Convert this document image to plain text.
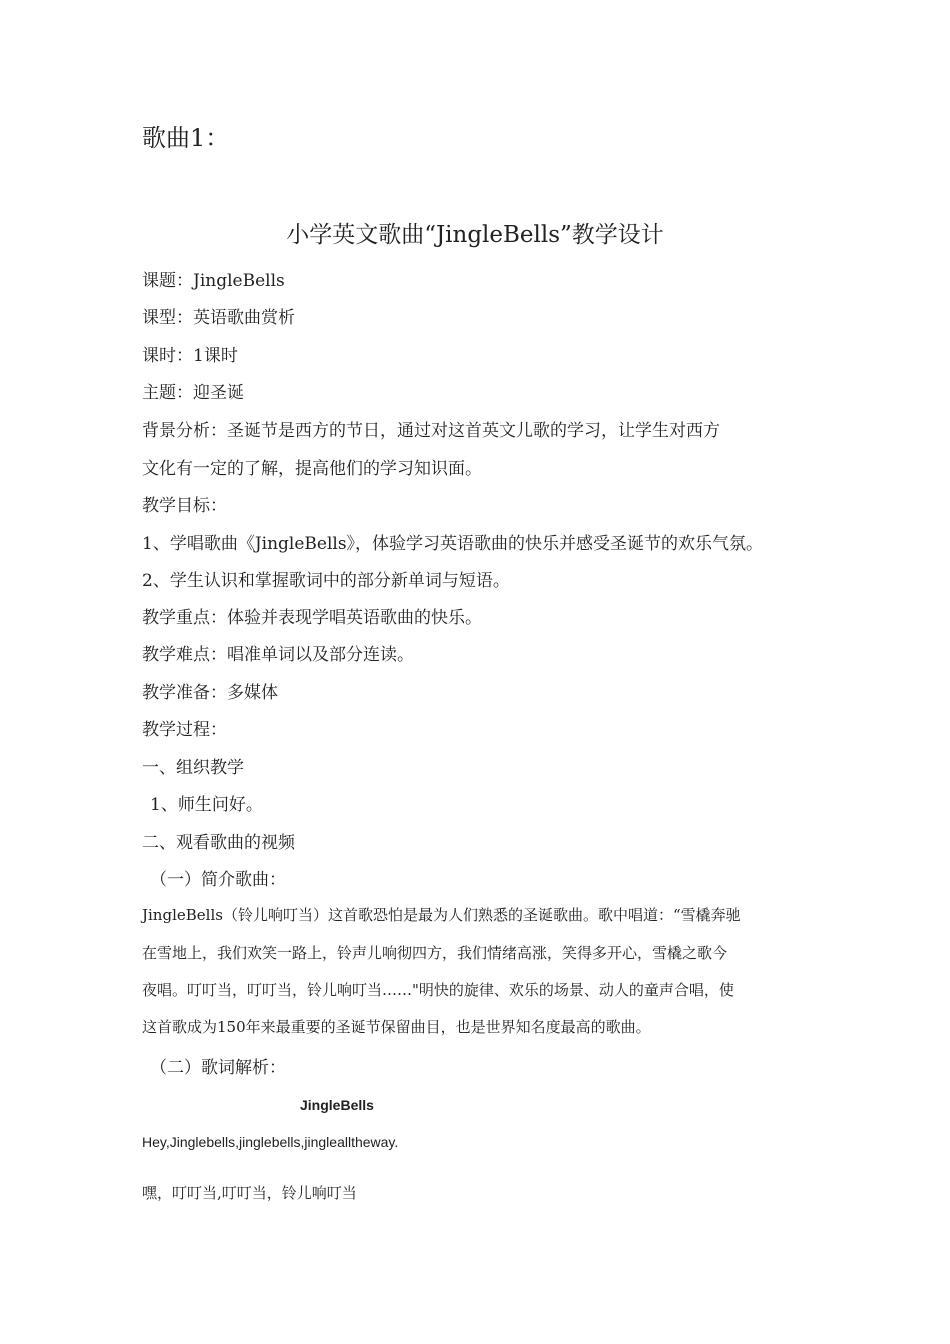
歌曲1：
小学英文歌曲“JingleBells”教学设计
课题：JingleBells
课型：英语歌曲赏析
课时：1课时
主题：迎圣诞
背景分析：圣诞节是西方的节日，通过对这首英文儿歌的学习，让学生对西方
文化有一定的了解，提高他们的学习知识面。
教学目标：
1、学唱歌曲《JingleBells》，体验学习英语歌曲的快乐并感受圣诞节的欢乐气氛。
2、学生认识和掌握歌词中的部分新单词与短语。
教学重点：体验并表现学唱英语歌曲的快乐。
教学难点：唱准单词以及部分连读。
教学准备：多媒体
教学过程：
一、组织教学
1、师生问好。
二、观看歌曲的视频
（一）简介歌曲：
JingleBells（铃儿响叮当）这首歌恐怕是最为人们熟悉的圣诞歌曲。歌中唱道：“雪橇奔驰
在雪地上，我们欢笑一路上，铃声儿响彻四方，我们情绪高涨，笑得多开心，雪橇之歌今
夜唱。叮叮当，叮叮当，铃儿响叮当……"明快的旋律、欢乐的场景、动人的童声合唱，使
这首歌成为150年来最重要的圣诞节保留曲目，也是世界知名度最高的歌曲。
（二）歌词解析：
JingleBells
Hey,Jinglebells,jinglebells,jinglealltheway.
嘿，叮叮当,叮叮当，铃儿响叮当
